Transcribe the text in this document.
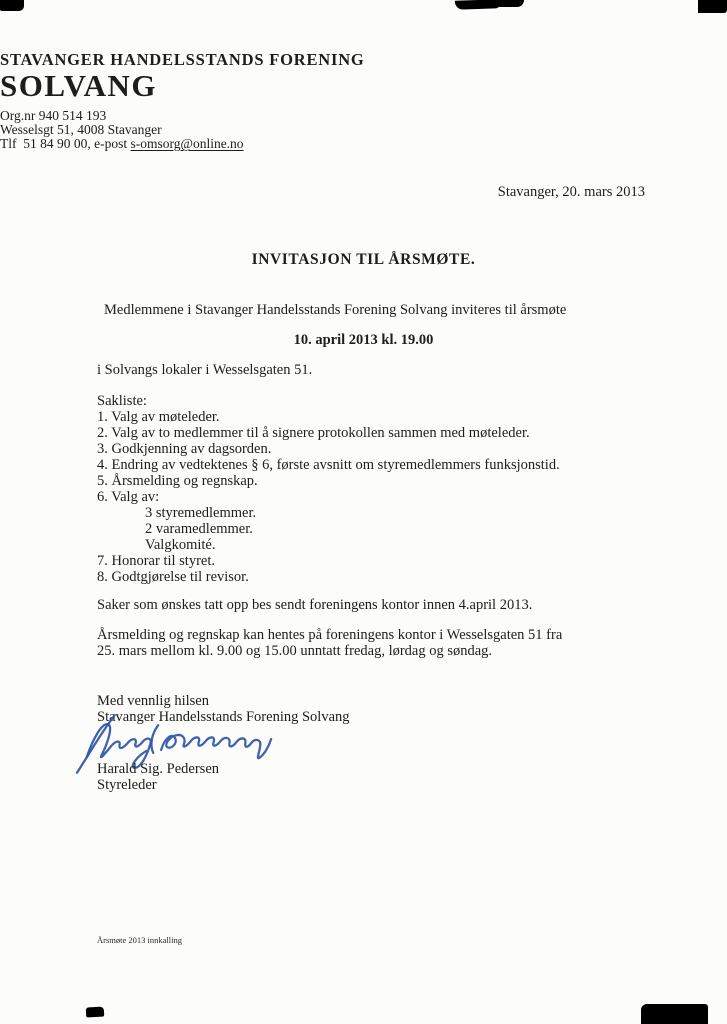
STAVANGER HANDELSSTANDS FORENING
SOLVANG
Org.nr 940 514 193
Wesselsgt 51, 4008 Stavanger
Tlf  51 84 90 00, e-post s-omsorg@online.no
Stavanger, 20. mars 2013
INVITASJON TIL ÅRSMØTE.
Medlemmene i Stavanger Handelsstands Forening Solvang inviteres til årsmøte
10. april 2013 kl. 19.00
i Solvangs lokaler i Wesselsgaten 51.
Sakliste:
1. Valg av møteleder.
2. Valg av to medlemmer til å signere protokollen sammen med møteleder.
3. Godkjenning av dagsorden.
4. Endring av vedtektenes § 6, første avsnitt om styremedlemmers funksjonstid.
5. Årsmelding og regnskap.
6. Valg av:
3 styremedlemmer.
2 varamedlemmer.
Valgkomité.
7. Honorar til styret.
8. Godtgjørelse til revisor.
Saker som ønskes tatt opp bes sendt foreningens kontor innen 4.april 2013.
Årsmelding og regnskap kan hentes på foreningens kontor i Wesselsgaten 51 fra
25. mars mellom kl. 9.00 og 15.00 unntatt fredag, lørdag og søndag.
Med vennlig hilsen
Stavanger Handelsstands Forening Solvang
Harald Sig. Pedersen
Styreleder
Årsmøte 2013 innkalling
